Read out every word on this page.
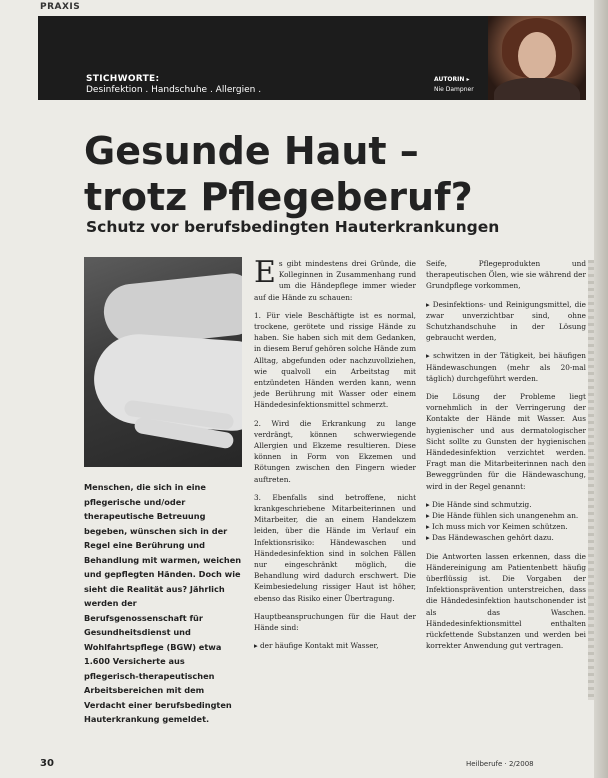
PRAXIS
STICHWORTE:
Desinfektion . Handschuhe . Allergien .
AUTORIN ▸
Nie Dampner
Gesunde Haut –
trotz Pflegeberuf?
Schutz vor berufsbedingten Hauterkrankungen
Menschen, die sich in eine pflegerische und/oder therapeutische Betreuung begeben, wünschen sich in der Regel eine Berührung und Behandlung mit warmen, weichen und gepflegten Händen. Doch wie sieht die Realität aus? Jährlich werden der Berufsgenossenschaft für Gesundheitsdienst und Wohlfahrtspflege (BGW) etwa 1.600 Versicherte aus pflegerisch-therapeutischen Arbeitsbereichen mit dem Verdacht einer berufsbedingten Hauterkrankung gemeldet.

Es gibt mindestens drei Gründe, die Kolleginnen in Zusammenhang rund um die Händepflege immer wieder auf die Hände zu schauen:

1. Für viele Beschäftigte ist es normal, trockene, gerötete und rissige Hände zu haben. Sie haben sich mit dem Gedanken, in diesem Beruf gehören solche Hände zum Alltag, abgefunden oder nachzuvollziehen, wie qualvoll ein Arbeitstag mit entzündeten Händen werden kann, wenn jede Berührung mit Wasser oder einem Händedesinfektionsmittel schmerzt.

2. Wird die Erkrankung zu lange verdrängt, können schwerwiegende Allergien und Ekzeme resultieren. Diese können in Form von Ekzemen und Rötungen zwischen den Fingern wieder auftreten.

3. Ebenfalls sind betroffene, nicht krankgeschriebene Mitarbeiterinnen und Mitarbeiter, die an einem Handekzem leiden, über die Hände im Verlauf ein Infektionsrisiko: Händewaschen und Händedesinfektion sind in solchen Fällen nur eingeschränkt möglich, die Behandlung wird dadurch erschwert. Die Keimbesiedelung rissiger Haut ist höher, ebenso das Risiko einer Übertragung.

Hauptbeanspruchungen für die Haut der Hände sind:

▸ der häufige Kontakt mit Wasser,

Seife, Pflegeprodukten und therapeutischen Ölen, wie sie während der Grundpflege vorkommen,

▸ Desinfektions- und Reinigungsmittel, die zwar unverzichtbar sind, ohne Schutzhandschuhe in der Lösung gebraucht werden,

▸ schwitzen in der Tätigkeit, bei häufigen Händewaschungen (mehr als 20-mal täglich) durchgeführt werden.

Die Lösung der Probleme liegt vornehmlich in der Verringerung der Kontakte der Hände mit Wasser. Aus hygienischer und aus dermatologischer Sicht sollte zu Gunsten der hygienischen Händedesinfektion verzichtet werden. Fragt man die Mitarbeiterinnen nach den Beweggründen für die Händewaschung, wird in der Regel genannt:

▸ Die Hände sind schmutzig.
▸ Die Hände fühlen sich unangenehm an.
▸ Ich muss mich vor Keimen schützen.

▸ Das Händewaschen gehört dazu.

Die Antworten lassen erkennen, dass die Händereinigung am Patientenbett häufig überflüssig ist. Die Vorgaben der Infektionsprävention unterstreichen, dass die Händedesinfektion hautschonender ist als das Waschen. Händedesinfektionsmittel enthalten rückfettende Substanzen und werden bei korrekter Anwendung gut vertragen.

30	Heilberufe · 2/2008
